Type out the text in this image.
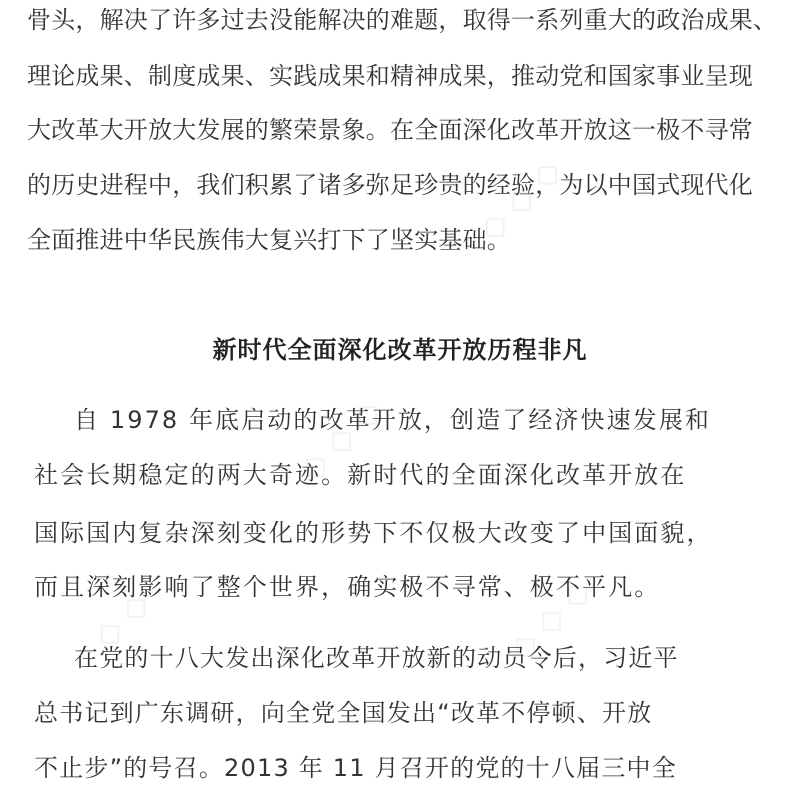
骨头，解决了许多过去没能解决的难题，取得一系列重大的政治成果、
理论成果、制度成果、实践成果和精神成果，推动党和国家事业呈现
大改革大开放大发展的繁荣景象。在全面深化改革开放这一极不寻常
的历史进程中，我们积累了诸多弥足珍贵的经验，为以中国式现代化
全面推进中华民族伟大复兴打下了坚实基础。
新时代全面深化改革开放历程非凡
自 1978 年底启动的改革开放，创造了经济快速发展和
社会长期稳定的两大奇迹。新时代的全面深化改革开放在
国际国内复杂深刻变化的形势下不仅极大改变了中国面貌，
而且深刻影响了整个世界，确实极不寻常、极不平凡。
在党的十八大发出深化改革开放新的动员令后，习近平
总书记到广东调研，向全党全国发出“改革不停顿、开放
不止步”的号召。2013 年 11 月召开的党的十八届三中全
◇ ◇ ◇
◇ ◇ ◇
◇ ◇ ◇
◇ ◇
